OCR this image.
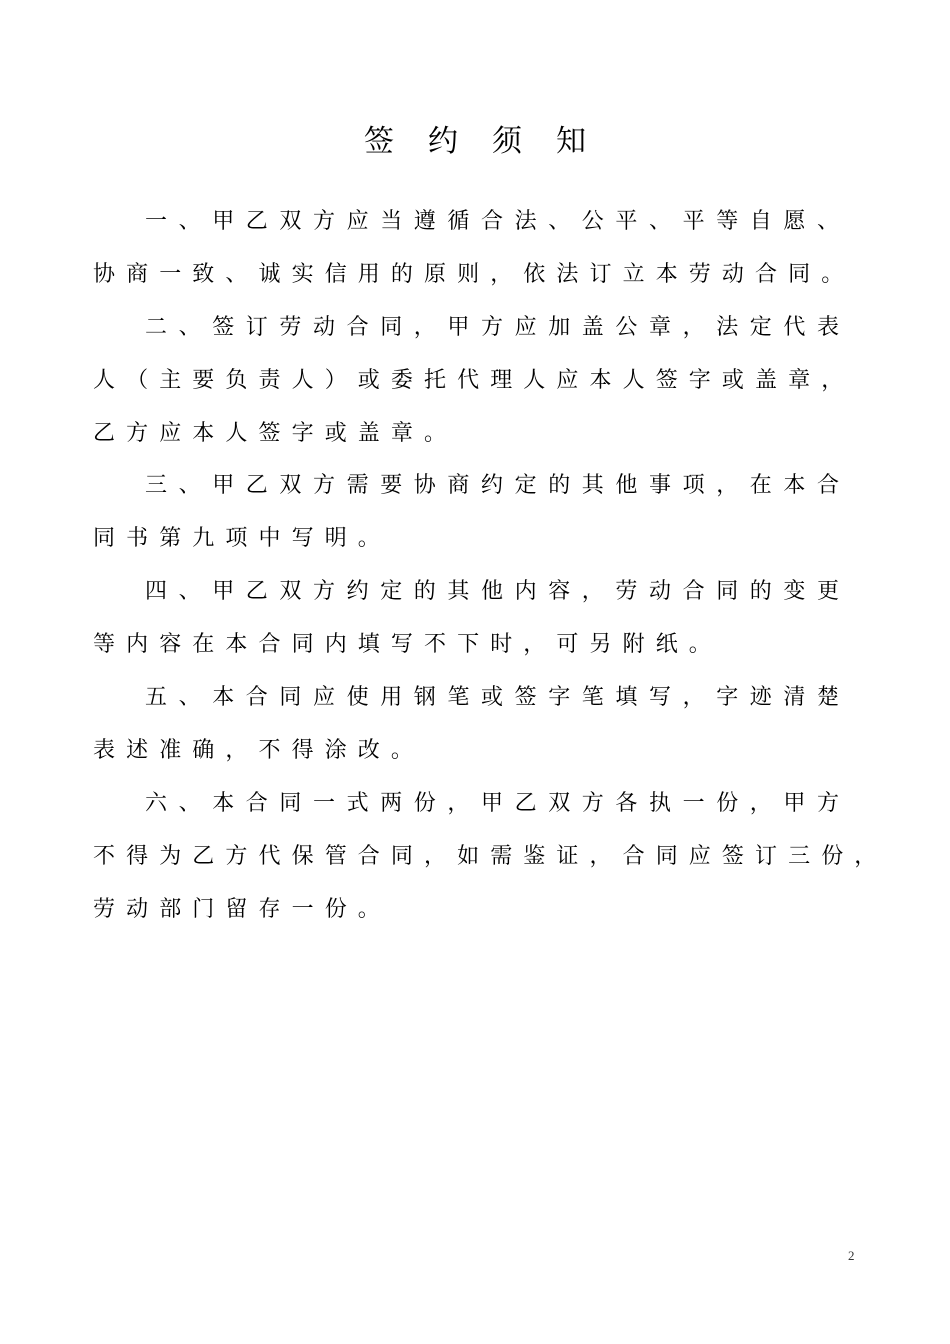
签约须知
一、甲乙双方应当遵循合法、公平、平等自愿、
协商一致、诚实信用的原则，依法订立本劳动合同。
二、签订劳动合同，甲方应加盖公章，法定代表
人（主要负责人）或委托代理人应本人签字或盖章，
乙方应本人签字或盖章。
三、甲乙双方需要协商约定的其他事项，在本合
同书第九项中写明。
四、甲乙双方约定的其他内容，劳动合同的变更
等内容在本合同内填写不下时，可另附纸。
五、本合同应使用钢笔或签字笔填写，字迹清楚
表述准确，不得涂改。
六、本合同一式两份，甲乙双方各执一份，甲方
不得为乙方代保管合同，如需鉴证，合同应签订三份，
劳动部门留存一份。
2
